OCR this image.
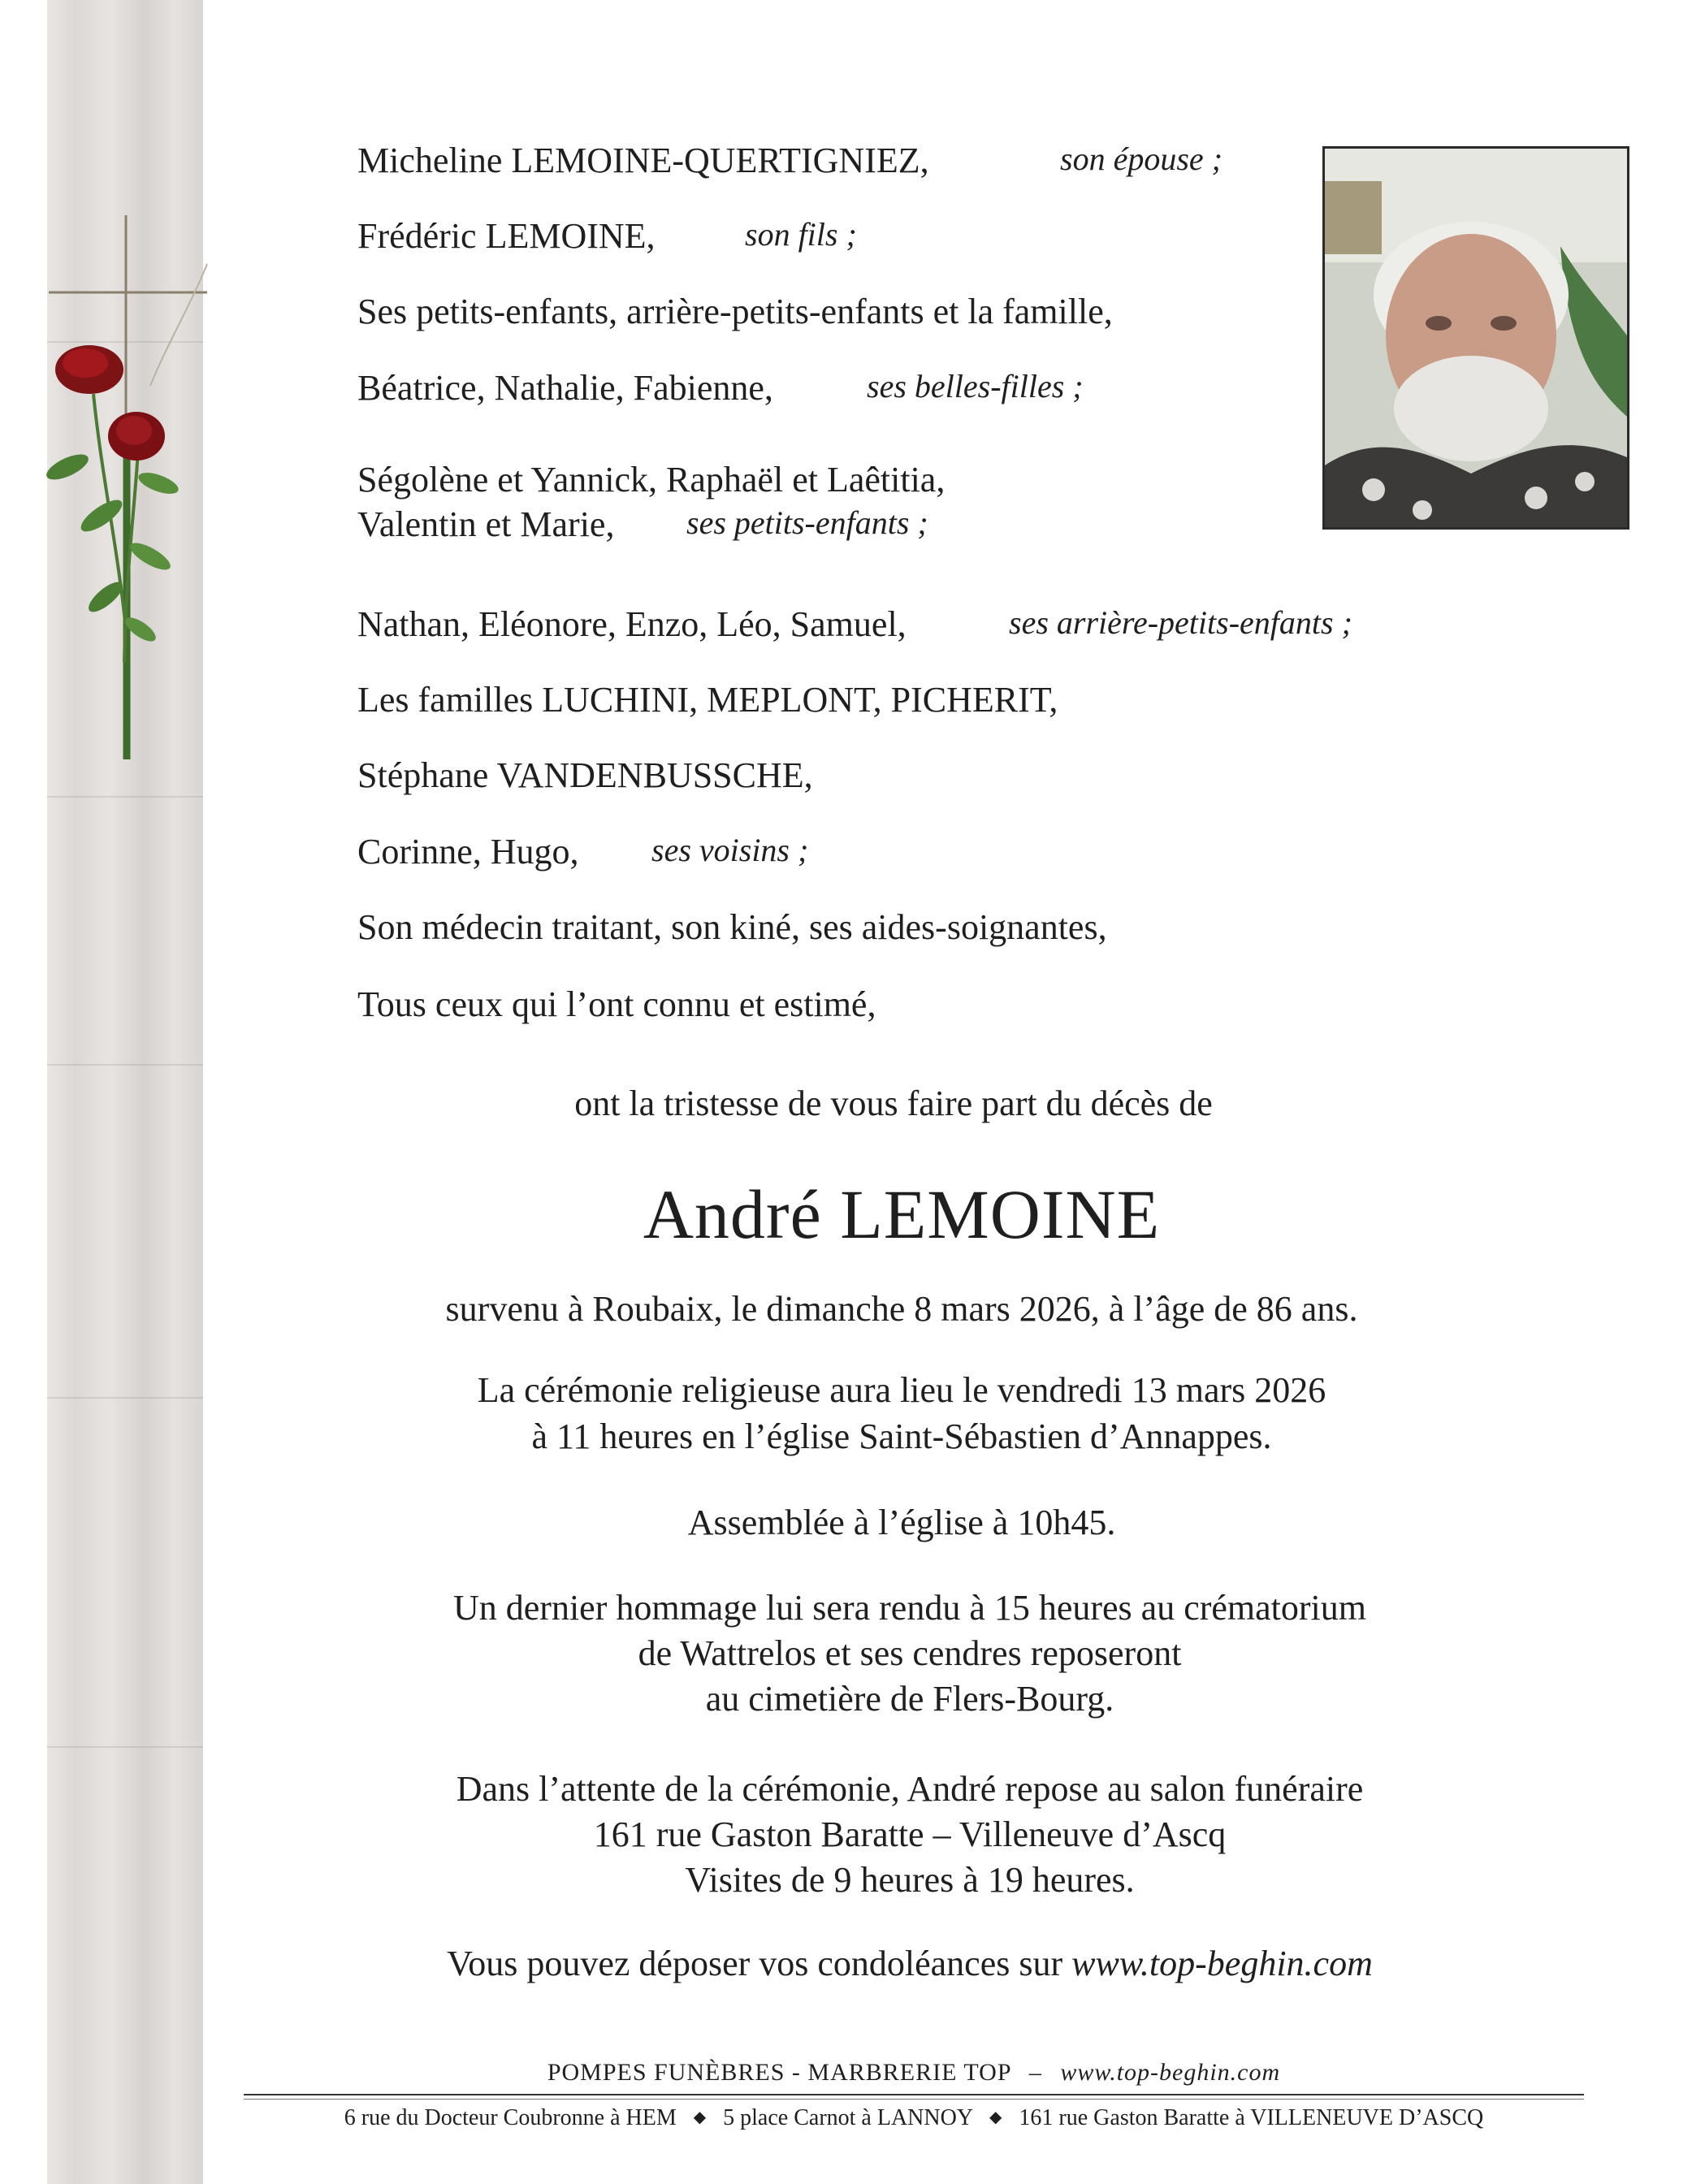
Micheline LEMOINE-QUERTIGNIEZ,	son épouse ;
Frédéric LEMOINE,	son fils ;
Ses petits-enfants, arrière-petits-enfants et la famille,
Béatrice, Nathalie, Fabienne,	ses belles-filles ;
Ségolène et Yannick, Raphaël et Laêtitia,
Valentin et Marie, ses petits-enfants ;
Nathan, Eléonore, Enzo, Léo, Samuel,	ses arrière-petits-enfants ;
Les familles LUCHINI, MEPLONT, PICHERIT,
Stéphane VANDENBUSSCHE,
Corinne, Hugo, ses voisins ;
Son médecin traitant, son kiné, ses aides-soignantes,
Tous ceux qui l’ont connu et estimé,
ont la tristesse de vous faire part du décès de
André LEMOINE
survenu à Roubaix, le dimanche 8 mars 2026, à l’âge de 86 ans.
La cérémonie religieuse aura lieu le vendredi 13 mars 2026
à 11 heures en l’église Saint-Sébastien d’Annappes.
Assemblée à l’église à 10h45.
Un dernier hommage lui sera rendu à 15 heures au crématorium
de Wattrelos et ses cendres reposeront
au cimetière de Flers-Bourg.
Dans l’attente de la cérémonie, André repose au salon funéraire
161 rue Gaston Baratte – Villeneuve d’Ascq
Visites de 9 heures à 19 heures.
Vous pouvez déposer vos condoléances sur www.top-beghin.com
POMPES FUNÈBRES - MARBRERIE TOP – www.top-beghin.com
6 rue du Docteur Coubronne à HEM ◆ 5 place Carnot à LANNOY ◆ 161 rue Gaston Baratte à VILLENEUVE D’ASCQ
